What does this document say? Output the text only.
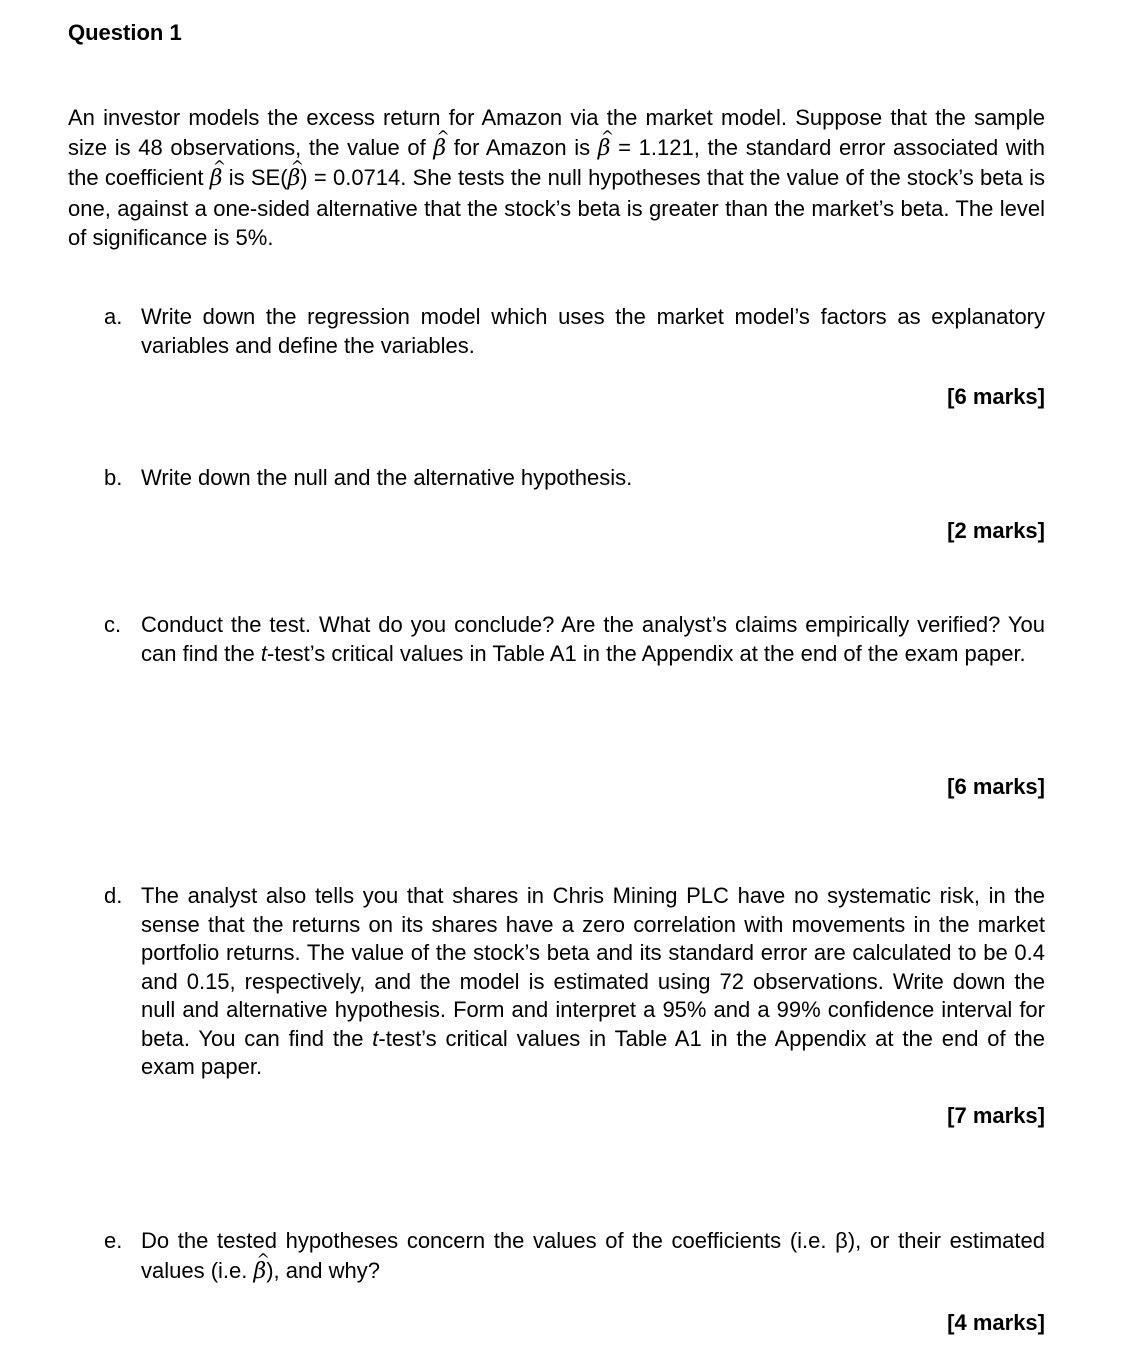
Question 1
An investor models the excess return for Amazon via the market model. Suppose that the sample size is 48 observations, the value of ^ β for Amazon is ^ β = 1.121, the standard error associated with the coefficient ^ β is SE(^ β) = 0.0714. She tests the null hypotheses that the value of the stock’s beta is one, against a one-sided alternative that the stock’s beta is greater than the market’s beta. The level of significance is 5%.
a. Write down the regression model which uses the market model’s factors as explanatory variables and define the variables.
[6 marks]
b. Write down the null and the alternative hypothesis.
[2 marks]
c. Conduct the test. What do you conclude? Are the analyst’s claims empirically verified? You can find the t-test’s critical values in Table A1 in the Appendix at the end of the exam paper.
[6 marks]
d. The analyst also tells you that shares in Chris Mining PLC have no systematic risk, in the sense that the returns on its shares have a zero correlation with movements in the market portfolio returns. The value of the stock’s beta and its standard error are calculated to be 0.4 and 0.15, respectively, and the model is estimated using 72 observations. Write down the null and alternative hypothesis. Form and interpret a 95% and a 99% confidence interval for beta. You can find the t-test’s critical values in Table A1 in the Appendix at the end of the exam paper.
[7 marks]
e. Do the tested hypotheses concern the values of the coefficients (i.e. β), or their estimated values (i.e. ^ β), and why?
[4 marks]
